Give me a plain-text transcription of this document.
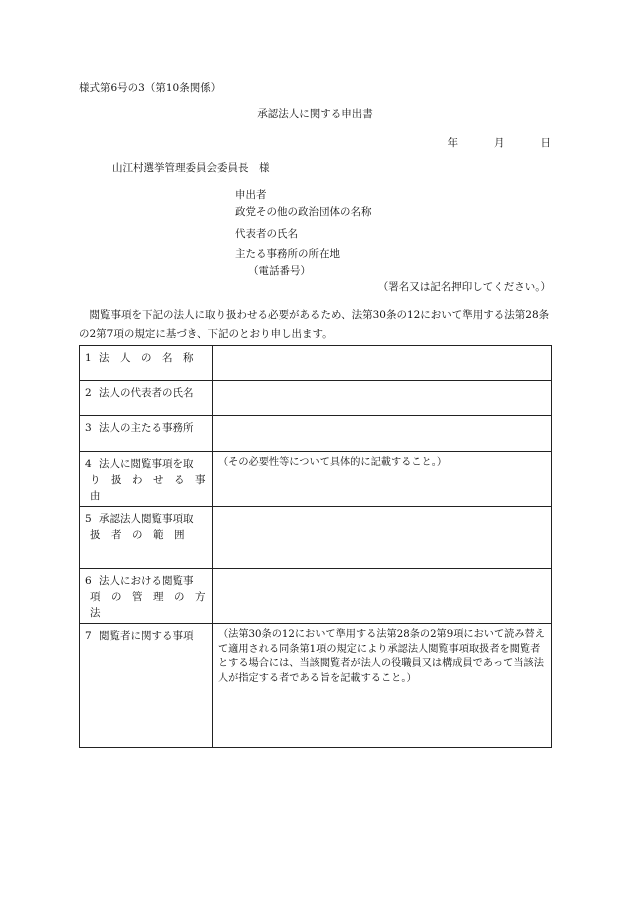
様式第6号の3（第10条関係）
承認法人に関する申出書
年	月	日
山江村選挙管理委員会委員長　様
申出者
政党その他の政治団体の名称
代表者の氏名
主たる事務所の所在地
（電話番号）
（署名又は記名押印してください。）
閲覧事項を下記の法人に取り扱わせる必要があるため、法第30条の12において準用する法第28条の2第7項の規定に基づき、下記のとおり申し出ます。
1 法　人　の　名　称	

2 法人の代表者の氏名	

3 法人の主たる事務所	

4 法人に閲覧事項を取
り　扱　わ　せ　る　事　由	（その必要性等について具体的に記載すること。）

5 承認法人閲覧事項取
扱　者　の　範　囲	

6 法人における閲覧事
項　の　管　理　の　方　法	

7 閲覧者に関する事項	（法第30条の12において準用する法第28条の2第9項において読み替えて適用される同条第1項の規定により承認法人閲覧事項取扱者を閲覧者とする場合には、当該閲覧者が法人の役職員又は構成員であって当該法人が指定する者である旨を記載すること。）
